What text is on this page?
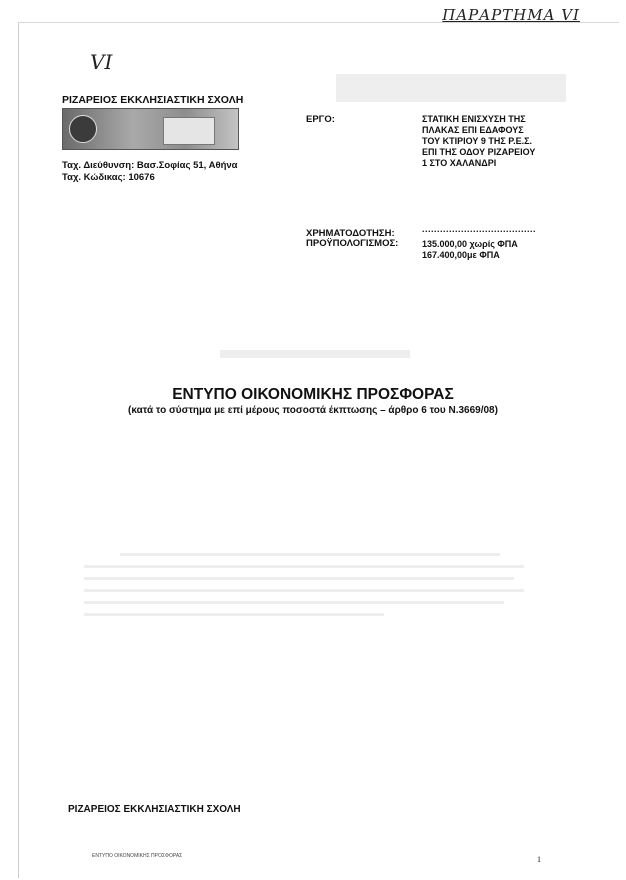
ΠΑΡΑΡΤΗΜΑ VI
VI
ΡΙΖΑΡΕΙΟΣ ΕΚΚΛΗΣΙΑΣΤΙΚΗ ΣΧΟΛΗ
Ταχ. Διεύθυνση: Βασ.Σοφίας 51, Αθήνα
Ταχ. Κώδικας: 10676
ΕΡΓΟ:	ΣΤΑΤΙΚΗ ΕΝΙΣΧΥΣΗ ΤΗΣ
ΠΛΑΚΑΣ ΕΠΙ ΕΔΑΦΟΥΣ
ΤΟΥ ΚΤΙΡΙΟΥ 9 ΤΗΣ Ρ.Ε.Σ.
ΕΠΙ ΤΗΣ ΟΔΟΥ ΡΙΖΑΡΕΙΟΥ
1 ΣΤΟ ΧΑΛΑΝΔΡΙ
ΧΡΗΜΑΤΟΔΟΤΗΣΗ:	......................................
ΠΡΟΫΠΟΛΟΓΙΣΜΟΣ:	135.000,00 χωρίς ΦΠΑ
167.400,00με ΦΠΑ
ΕΝΤΥΠΟ ΟΙΚΟΝΟΜΙΚΗΣ ΠΡΟΣΦΟΡΑΣ
(κατά το σύστημα με επί μέρους ποσοστά έκπτωσης – άρθρο 6 του Ν.3669/08)
ΡΙΖΑΡΕΙΟΣ ΕΚΚΛΗΣΙΑΣΤΙΚΗ ΣΧΟΛΗ
ΕΝΤΥΠΟ ΟΙΚΟΝΟΜΙΚΗΣ ΠΡΟΣΦΟΡΑΣ	1
